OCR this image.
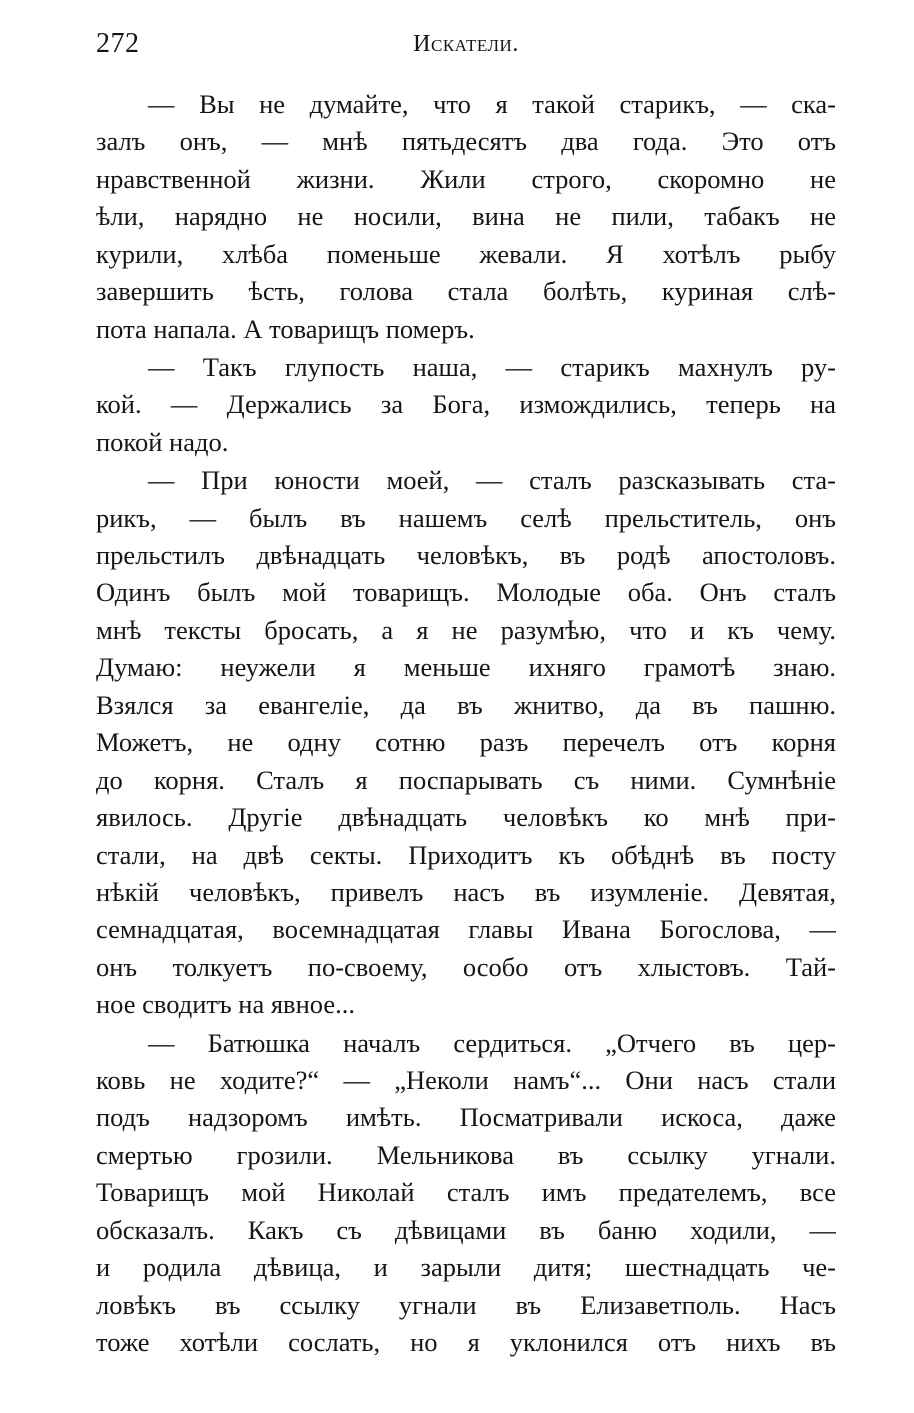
272	Искатели.
— Вы не думайте, что я такой старикъ, — ска-
залъ онъ, — мнѣ пятьдесятъ два года. Это отъ
нравственной жизни. Жили строго, скоромно не
ѣли, нарядно не носили, вина не пили, табакъ не
курили, хлѣба поменьше жевали. Я хотѣлъ рыбу
завершить ѣсть, голова стала болѣть, куриная слѣ-
пота напала. А товарищъ померъ.
— Такъ глупость наша, — старикъ махнулъ ру-
кой. — Держались за Бога, измождились, теперь на
покой надо.
— При юности моей, — сталъ разсказывать ста-
рикъ, — былъ въ нашемъ селѣ прельститель, онъ
прельстилъ двѣнадцать человѣкъ, въ родѣ апостоловъ.
Одинъ былъ мой товарищъ. Молодые оба. Онъ сталъ
мнѣ тексты бросать, а я не разумѣю, что и къ чему.
Думаю: неужели я меньше ихняго грамотѣ знаю.
Взялся за евангеліе, да въ жнитво, да въ пашню.
Можетъ, не одну сотню разъ перечелъ отъ корня
до корня. Сталъ я поспарывать съ ними. Сумнѣніе
явилось. Другіе двѣнадцать человѣкъ ко мнѣ при-
стали, на двѣ секты. Приходитъ къ обѣднѣ въ посту
нѣкій человѣкъ, привелъ насъ въ изумленіе. Девятая,
семнадцатая, восемнадцатая главы Ивана Богослова, —
онъ толкуетъ по-своему, особо отъ хлыстовъ. Тай-
ное сводитъ на явное...
— Батюшка началъ сердиться. „Отчего въ цер-
ковь не ходите?“ — „Неколи намъ“... Они насъ стали
подъ надзоромъ имѣть. Посматривали искоса, даже
смертью грозили. Мельникова въ ссылку угнали.
Товарищъ мой Николай сталъ имъ предателемъ, все
обсказалъ. Какъ съ дѣвицами въ баню ходили, —
и родила дѣвица, и зарыли дитя; шестнадцать че-
ловѣкъ въ ссылку угнали въ Елизаветполь. Насъ
тоже хотѣли сослать, но я уклонился отъ нихъ въ
